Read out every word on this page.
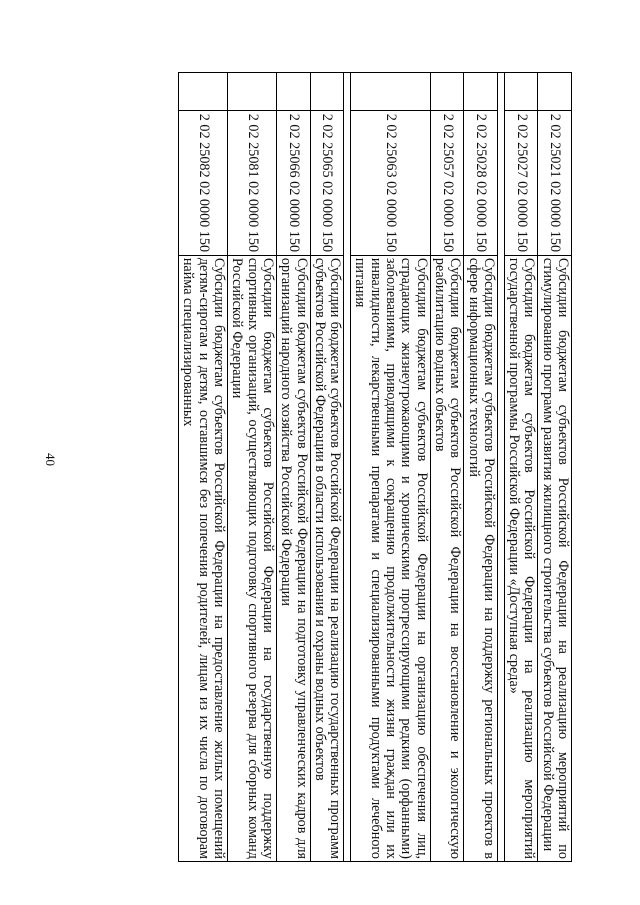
40
	2 02 25021 02 0000 150	Субсидии бюджетам субъектов Российской Федерации на реализацию мероприятий по стимулированию программ развития жилищного строительства субъектов Российской Федерации
	2 02 25027 02 0000 150	Субсидии бюджетам субъектов Российской Федерации на реализацию мероприятий государственной программы Российской Федерации «Доступная среда»

	2 02 25028 02 0000 150	Субсидии бюджетам субъектов Российской Федерации на поддержку региональных проектов в сфере информационных технологий
	2 02 25057 02 0000 150	Субсидии бюджетам субъектов Российской Федерации на восстановление и экологическую реабилитацию водных объектов
	2 02 25063 02 0000 150	Субсидии бюджетам субъектов Российской Федерации на организацию обеспечения лиц, страдающих жизнеугрожающими и хроническими прогрессирующими редкими (орфанными) заболеваниями, приводящими к сокращению продолжительности жизни граждан или их инвалидности, лекарственными препаратами и специализированными продуктами лечебного питания

	2 02 25065 02 0000 150	Субсидии бюджетам субъектов Российской Федерации на реализацию государственных программ субъектов Российской Федерации в области использования и охраны водных объектов
	2 02 25066 02 0000 150	Субсидии бюджетам субъектов Российской Федерации на подготовку управленческих кадров для организаций народного хозяйства Российской Федерации
	2 02 25081 02 0000 150	Субсидии бюджетам субъектов Российской Федерации на государственную поддержку спортивных организаций, осуществляющих подготовку спортивного резерва для сборных команд Российской Федерации
	2 02 25082 02 0000 150	Субсидии бюджетам субъектов Российской Федерации на предоставление жилых помещений детям-сиротам и детям, оставшимся без попечения родителей, лицам из их числа по договорам найма специализированных
